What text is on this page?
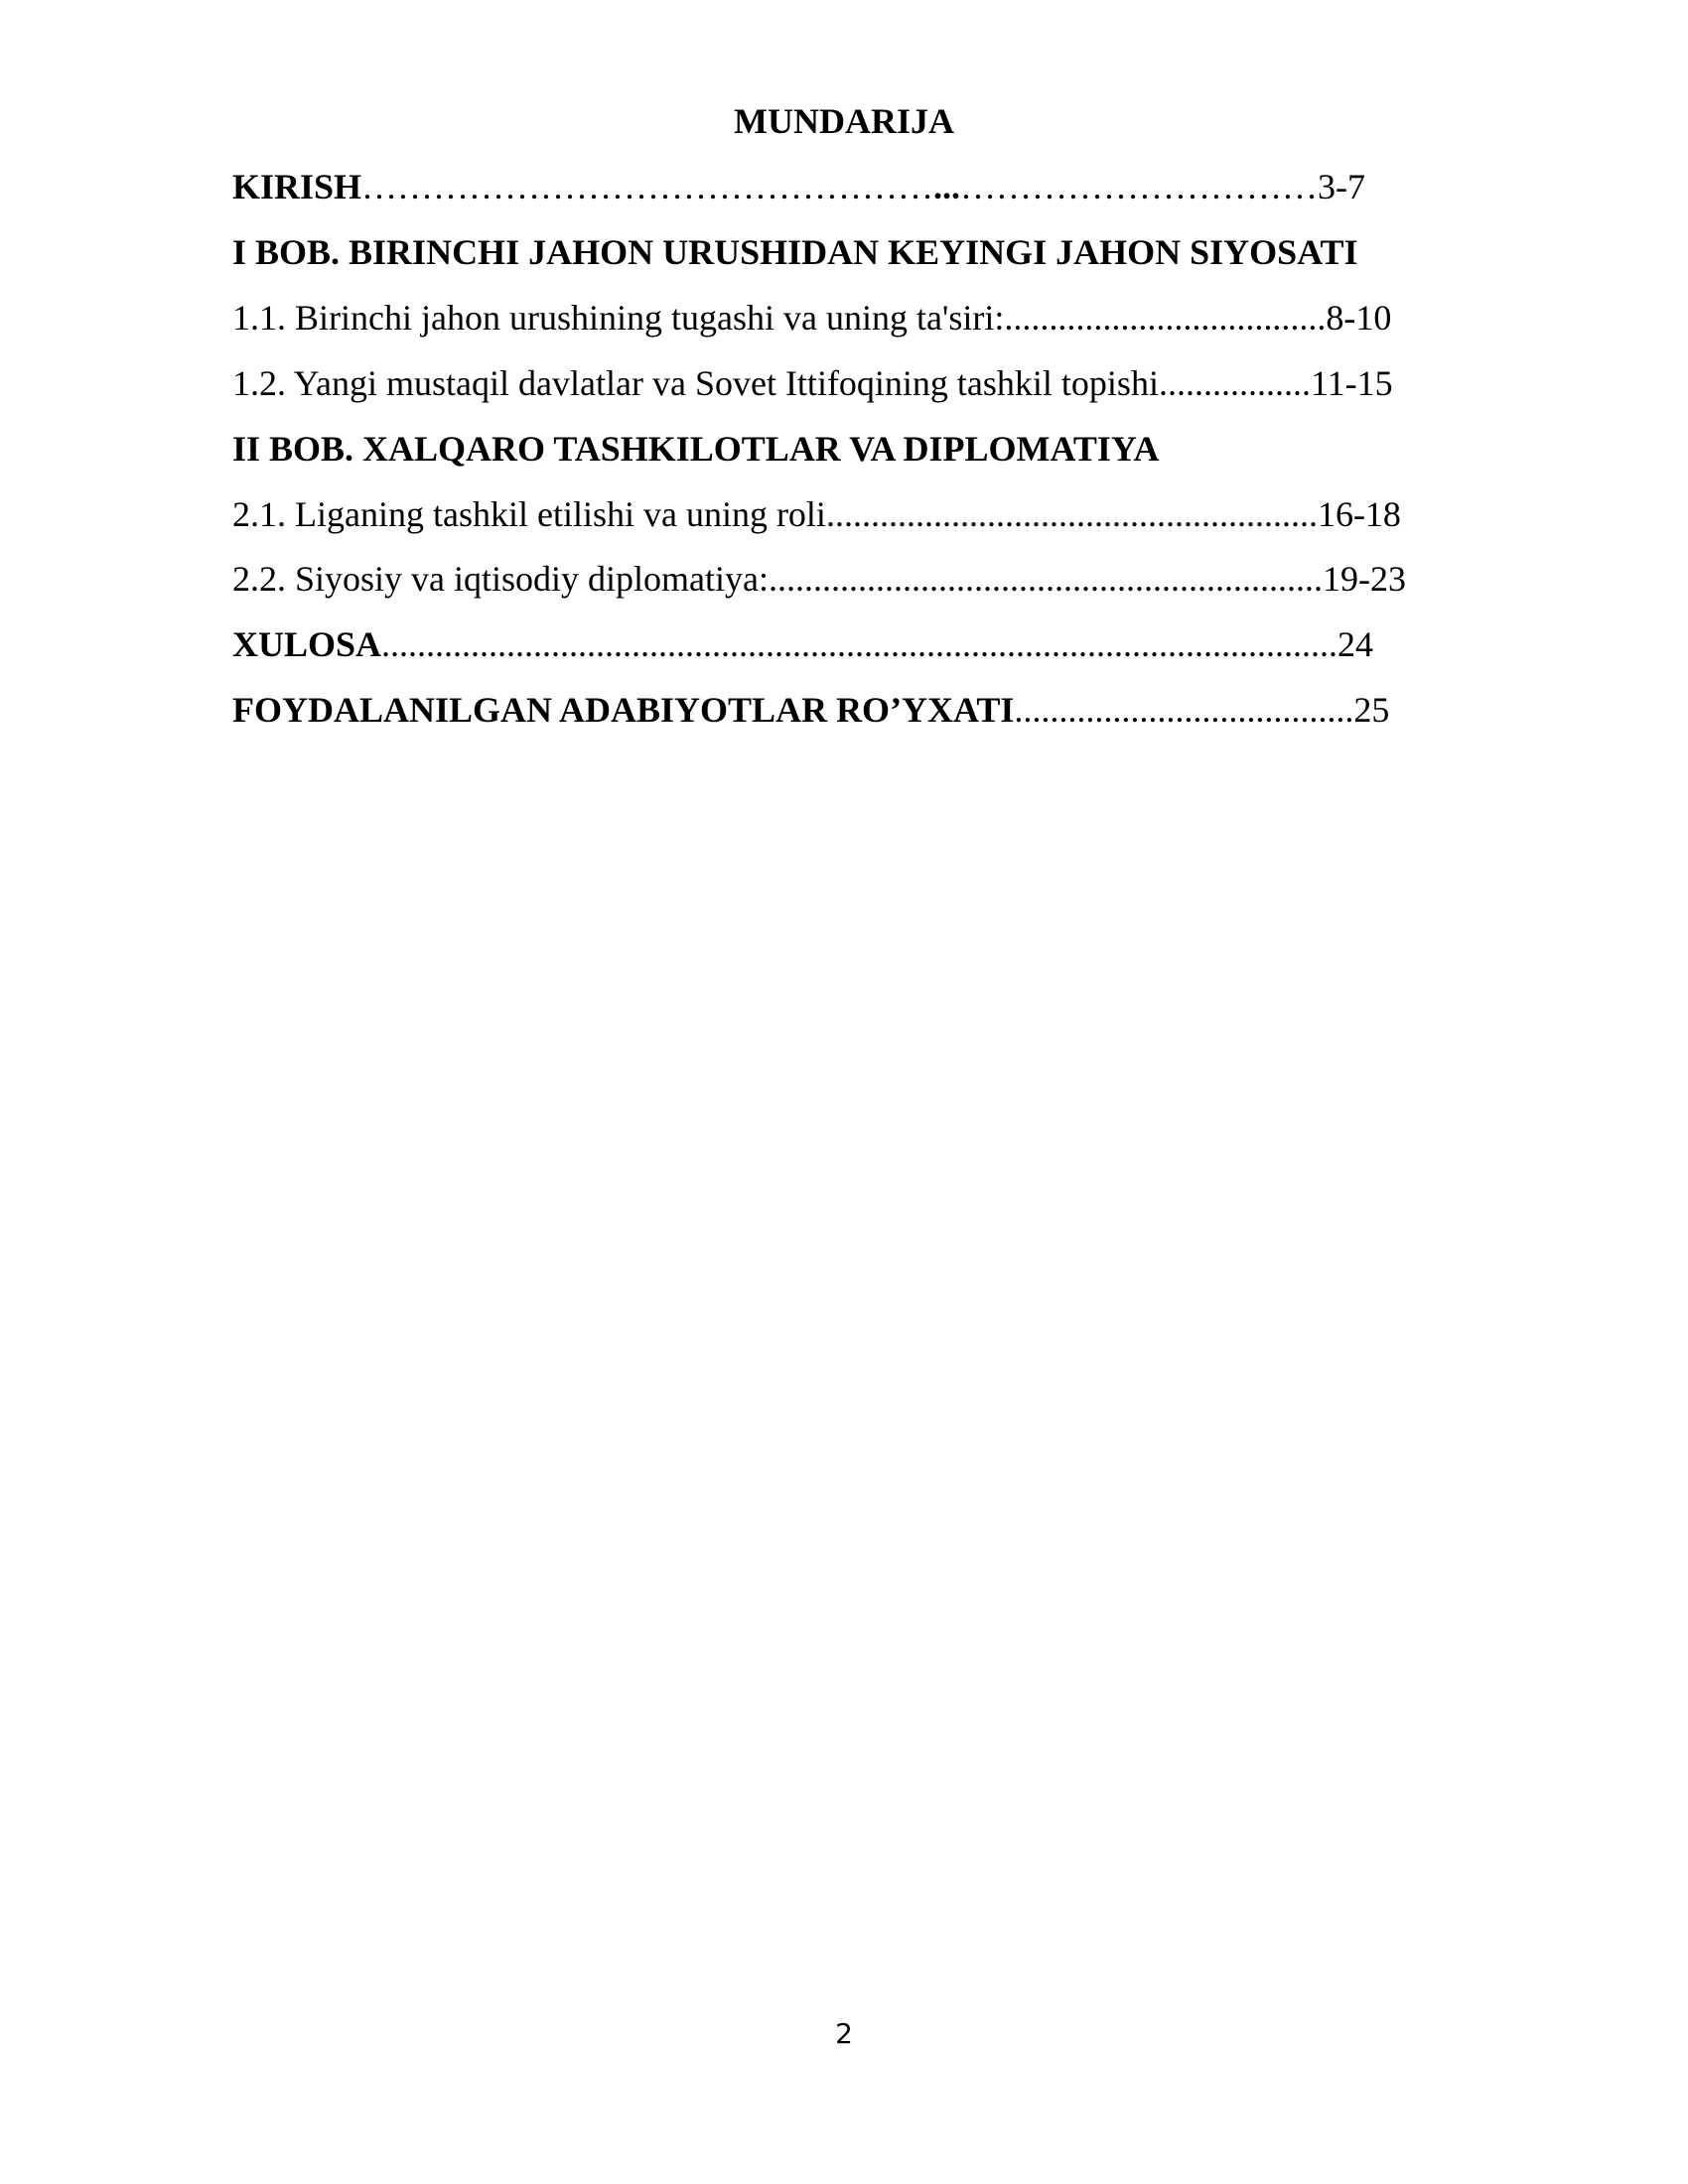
MUNDARIJA
KIRISH…………………………………………...…………………………3-7
I BOB. BIRINCHI JAHON URUSHIDAN KEYINGI JAHON SIYOSATI
1.1. Birinchi jahon urushining tugashi va uning ta'siri:....................................8-10
1.2. Yangi mustaqil davlatlar va Sovet Ittifoqining tashkil topishi.................11-15
II BOB. XALQARO TASHKILOTLAR VA DIPLOMATIYA
2.1. Liganing tashkil etilishi va uning roli.......................................................16-18
2.2. Siyosiy va iqtisodiy diplomatiya:..............................................................19-23
XULOSA...........................................................................................................24
FOYDALANILGAN ADABIYOTLAR RO’YXATI......................................25
2
